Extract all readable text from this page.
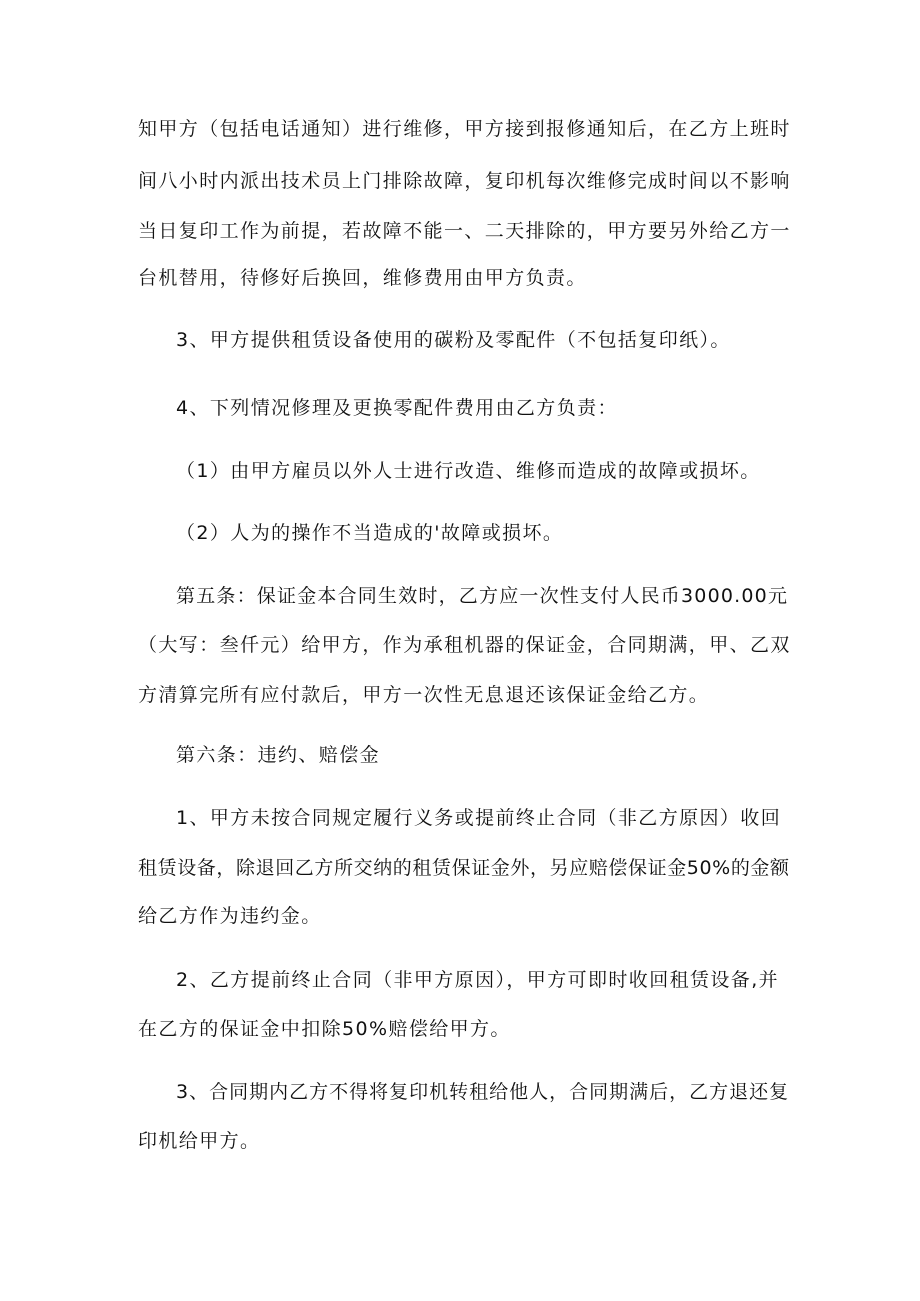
知甲方（包括电话通知）进行维修，甲方接到报修通知后，在乙方上班时

间八小时内派出技术员上门排除故障，复印机每次维修完成时间以不影响

当日复印工作为前提，若故障不能一、二天排除的，甲方要另外给乙方一

台机替用，待修好后换回，维修费用由甲方负责。

3、甲方提供租赁设备使用的碳粉及零配件（不包括复印纸）。

4、下列情况修理及更换零配件费用由乙方负责：

（1）由甲方雇员以外人士进行改造、维修而造成的故障或损坏。

（2）人为的操作不当造成的'故障或损坏。

第五条：保证金本合同生效时，乙方应一次性支付人民币3000.00元

（大写：叁仟元）给甲方，作为承租机器的保证金，合同期满，甲、乙双

方清算完所有应付款后，甲方一次性无息退还该保证金给乙方。

第六条：违约、赔偿金

1、甲方未按合同规定履行义务或提前终止合同（非乙方原因）收回

租赁设备，除退回乙方所交纳的租赁保证金外，另应赔偿保证金50%的金额

给乙方作为违约金。

2、乙方提前终止合同（非甲方原因），甲方可即时收回租赁设备,并

在乙方的保证金中扣除50%赔偿给甲方。

3、合同期内乙方不得将复印机转租给他人，合同期满后，乙方退还复

印机给甲方。
